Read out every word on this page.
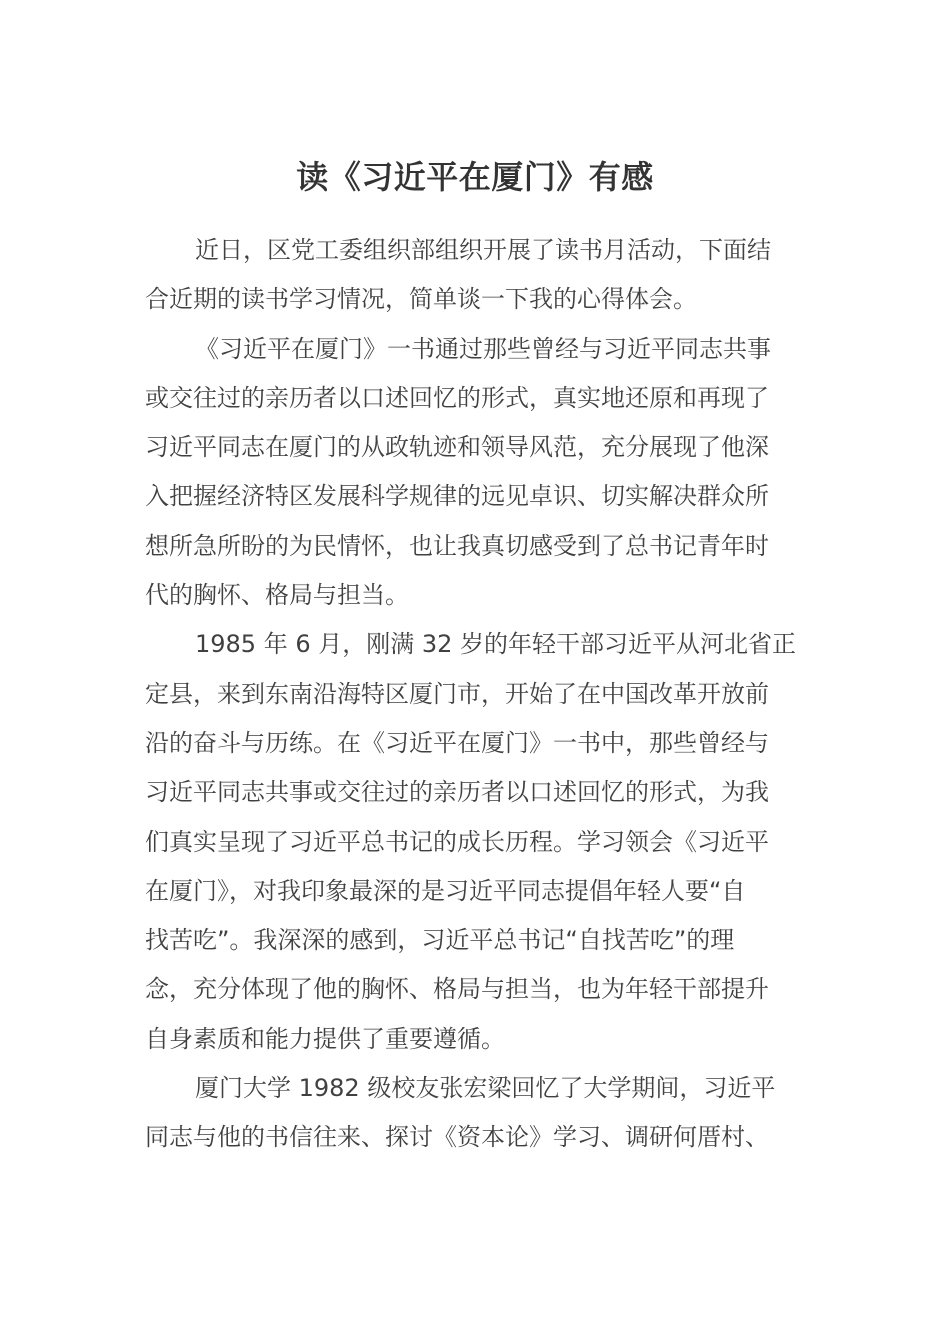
读《习近平在厦门》有感
近日，区党工委组织部组织开展了读书月活动，下面结
合近期的读书学习情况，简单谈一下我的心得体会。
《习近平在厦门》一书通过那些曾经与习近平同志共事
或交往过的亲历者以口述回忆的形式，真实地还原和再现了
习近平同志在厦门的从政轨迹和领导风范，充分展现了他深
入把握经济特区发展科学规律的远见卓识、切实解决群众所
想所急所盼的为民情怀，也让我真切感受到了总书记青年时
代的胸怀、格局与担当。
1985 年 6 月，刚满 32 岁的年轻干部习近平从河北省正
定县，来到东南沿海特区厦门市，开始了在中国改革开放前
沿的奋斗与历练。在《习近平在厦门》一书中，那些曾经与
习近平同志共事或交往过的亲历者以口述回忆的形式，为我
们真实呈现了习近平总书记的成长历程。学习领会《习近平
在厦门》，对我印象最深的是习近平同志提倡年轻人要“自
找苦吃”。我深深的感到，习近平总书记“自找苦吃”的理
念，充分体现了他的胸怀、格局与担当，也为年轻干部提升
自身素质和能力提供了重要遵循。
厦门大学 1982 级校友张宏梁回忆了大学期间，习近平
同志与他的书信往来、探讨《资本论》学习、调研何厝村、
